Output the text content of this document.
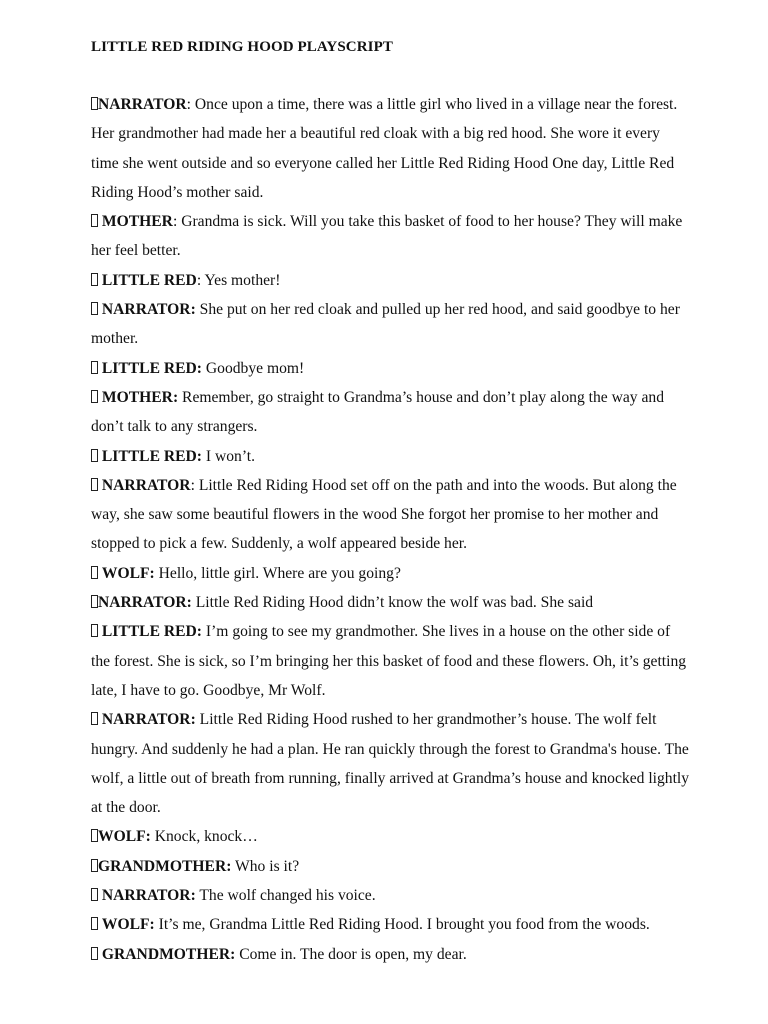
LITTLE RED RIDING HOOD PLAYSCRIPT

NARRATOR: Once upon a time, there was a little girl who lived in a village near the forest. Her grandmother had made her a beautiful red cloak with a big red hood. She wore it every time she went outside and so everyone called her Little Red Riding Hood One day, Little Red Riding Hood’s mother said.

MOTHER: Grandma is sick. Will you take this basket of food to her house? They will make her feel better.

LITTLE RED: Yes mother!

NARRATOR: She put on her red cloak and pulled up her red hood, and said goodbye to her mother.

LITTLE RED: Goodbye mom!

MOTHER: Remember, go straight to Grandma’s house and don’t play along the way and don’t talk to any strangers.

LITTLE RED: I won’t.

NARRATOR: Little Red Riding Hood set off on the path and into the woods. But along the way, she saw some beautiful flowers in the wood She forgot her promise to her mother and stopped to pick a few. Suddenly, a wolf appeared beside her.

WOLF: Hello, little girl. Where are you going?

NARRATOR: Little Red Riding Hood didn’t know the wolf was bad. She said

LITTLE RED: I’m going to see my grandmother. She lives in a house on the other side of the forest. She is sick, so I’m bringing her this basket of food and these flowers. Oh, it’s getting late, I have to go. Goodbye, Mr Wolf.

NARRATOR: Little Red Riding Hood rushed to her grandmother’s house. The wolf felt hungry. And suddenly he had a plan. He ran quickly through the forest to Grandma's house. The wolf, a little out of breath from running, finally arrived at Grandma’s house and knocked lightly at the door.

WOLF: Knock, knock…

GRANDMOTHER: Who is it?

NARRATOR: The wolf changed his voice.

WOLF: It’s me, Grandma Little Red Riding Hood. I brought you food from the woods.

GRANDMOTHER: Come in. The door is open, my dear.
